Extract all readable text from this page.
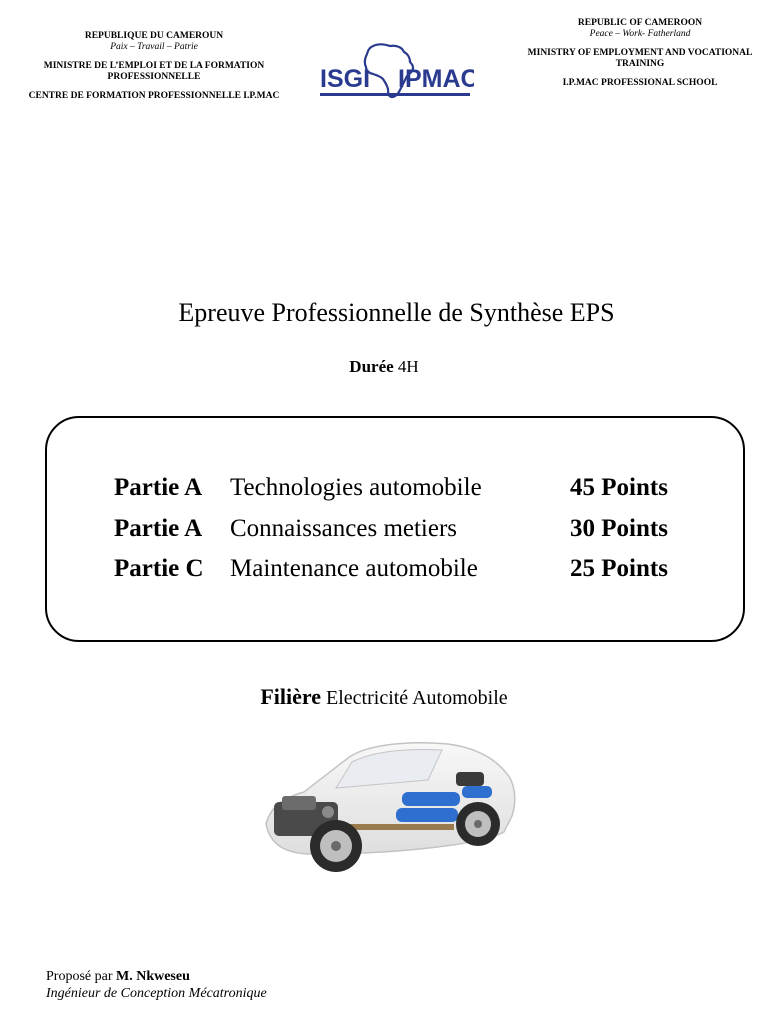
REPUBLIQUE DU CAMEROUN
Paix – Travail – Patrie
MINISTRE DE L’EMPLOI ET DE LA FORMATION PROFESSIONNELLE
CENTRE DE FORMATION PROFESSIONNELLE I.P.MAC
ISGI IPMAC
REPUBLIC OF CAMEROON
Peace – Work- Fatherland
MINISTRY OF EMPLOYMENT AND VOCATIONAL TRAINING
I.P.MAC PROFESSIONAL SCHOOL
Epreuve Professionnelle de Synthèse EPS
Durée 4H
Partie A Technologies automobile	45 Points
Partie A Connaissances metiers	30 Points
Partie C Maintenance automobile	25 Points
Filière Electricité Automobile
Proposé par M. Nkweseu
Ingénieur de Conception Mécatronique
